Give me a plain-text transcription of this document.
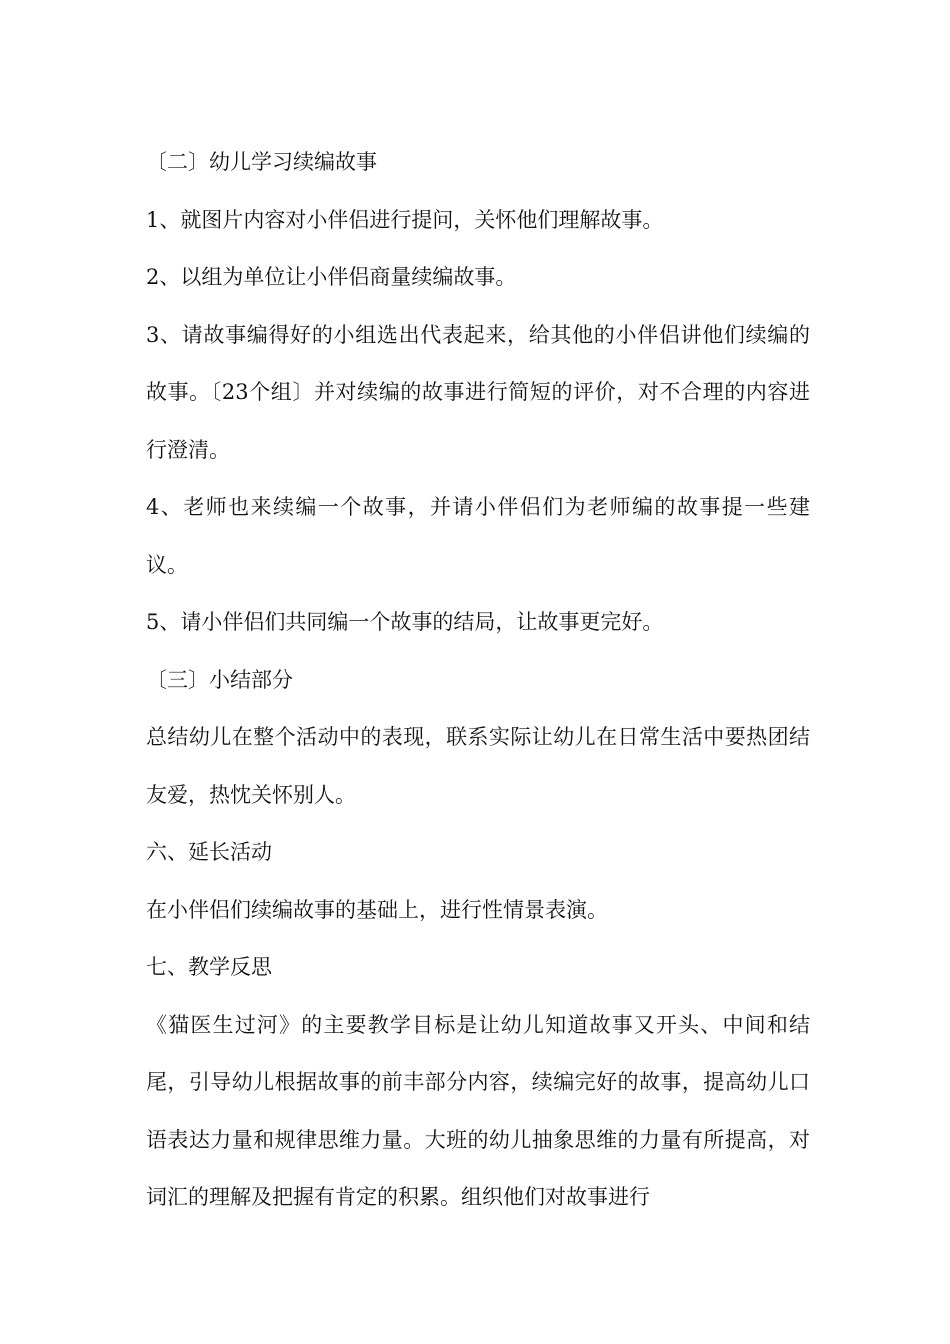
〔二〕幼儿学习续编故事

1、就图片内容对小伴侣进行提问，关怀他们理解故事。

2、以组为单位让小伴侣商量续编故事。

3、请故事编得好的小组选出代表起来，给其他的小伴侣讲他们续编的故事。〔23个组〕并对续编的故事进行简短的评价，对不合理的内容进行澄清。

4、老师也来续编一个故事，并请小伴侣们为老师编的故事提一些建议。

5、请小伴侣们共同编一个故事的结局，让故事更完好。

〔三〕小结部分

总结幼儿在整个活动中的表现，联系实际让幼儿在日常生活中要热团结友爱，热忱关怀别人。

六、延长活动

在小伴侣们续编故事的基础上，进行性情景表演。

七、教学反思

《猫医生过河》的主要教学目标是让幼儿知道故事又开头、中间和结尾，引导幼儿根据故事的前丰部分内容，续编完好的故事，提高幼儿口语表达力量和规律思维力量。大班的幼儿抽象思维的力量有所提高，对词汇的理解及把握有肯定的积累。组织他们对故事进行
